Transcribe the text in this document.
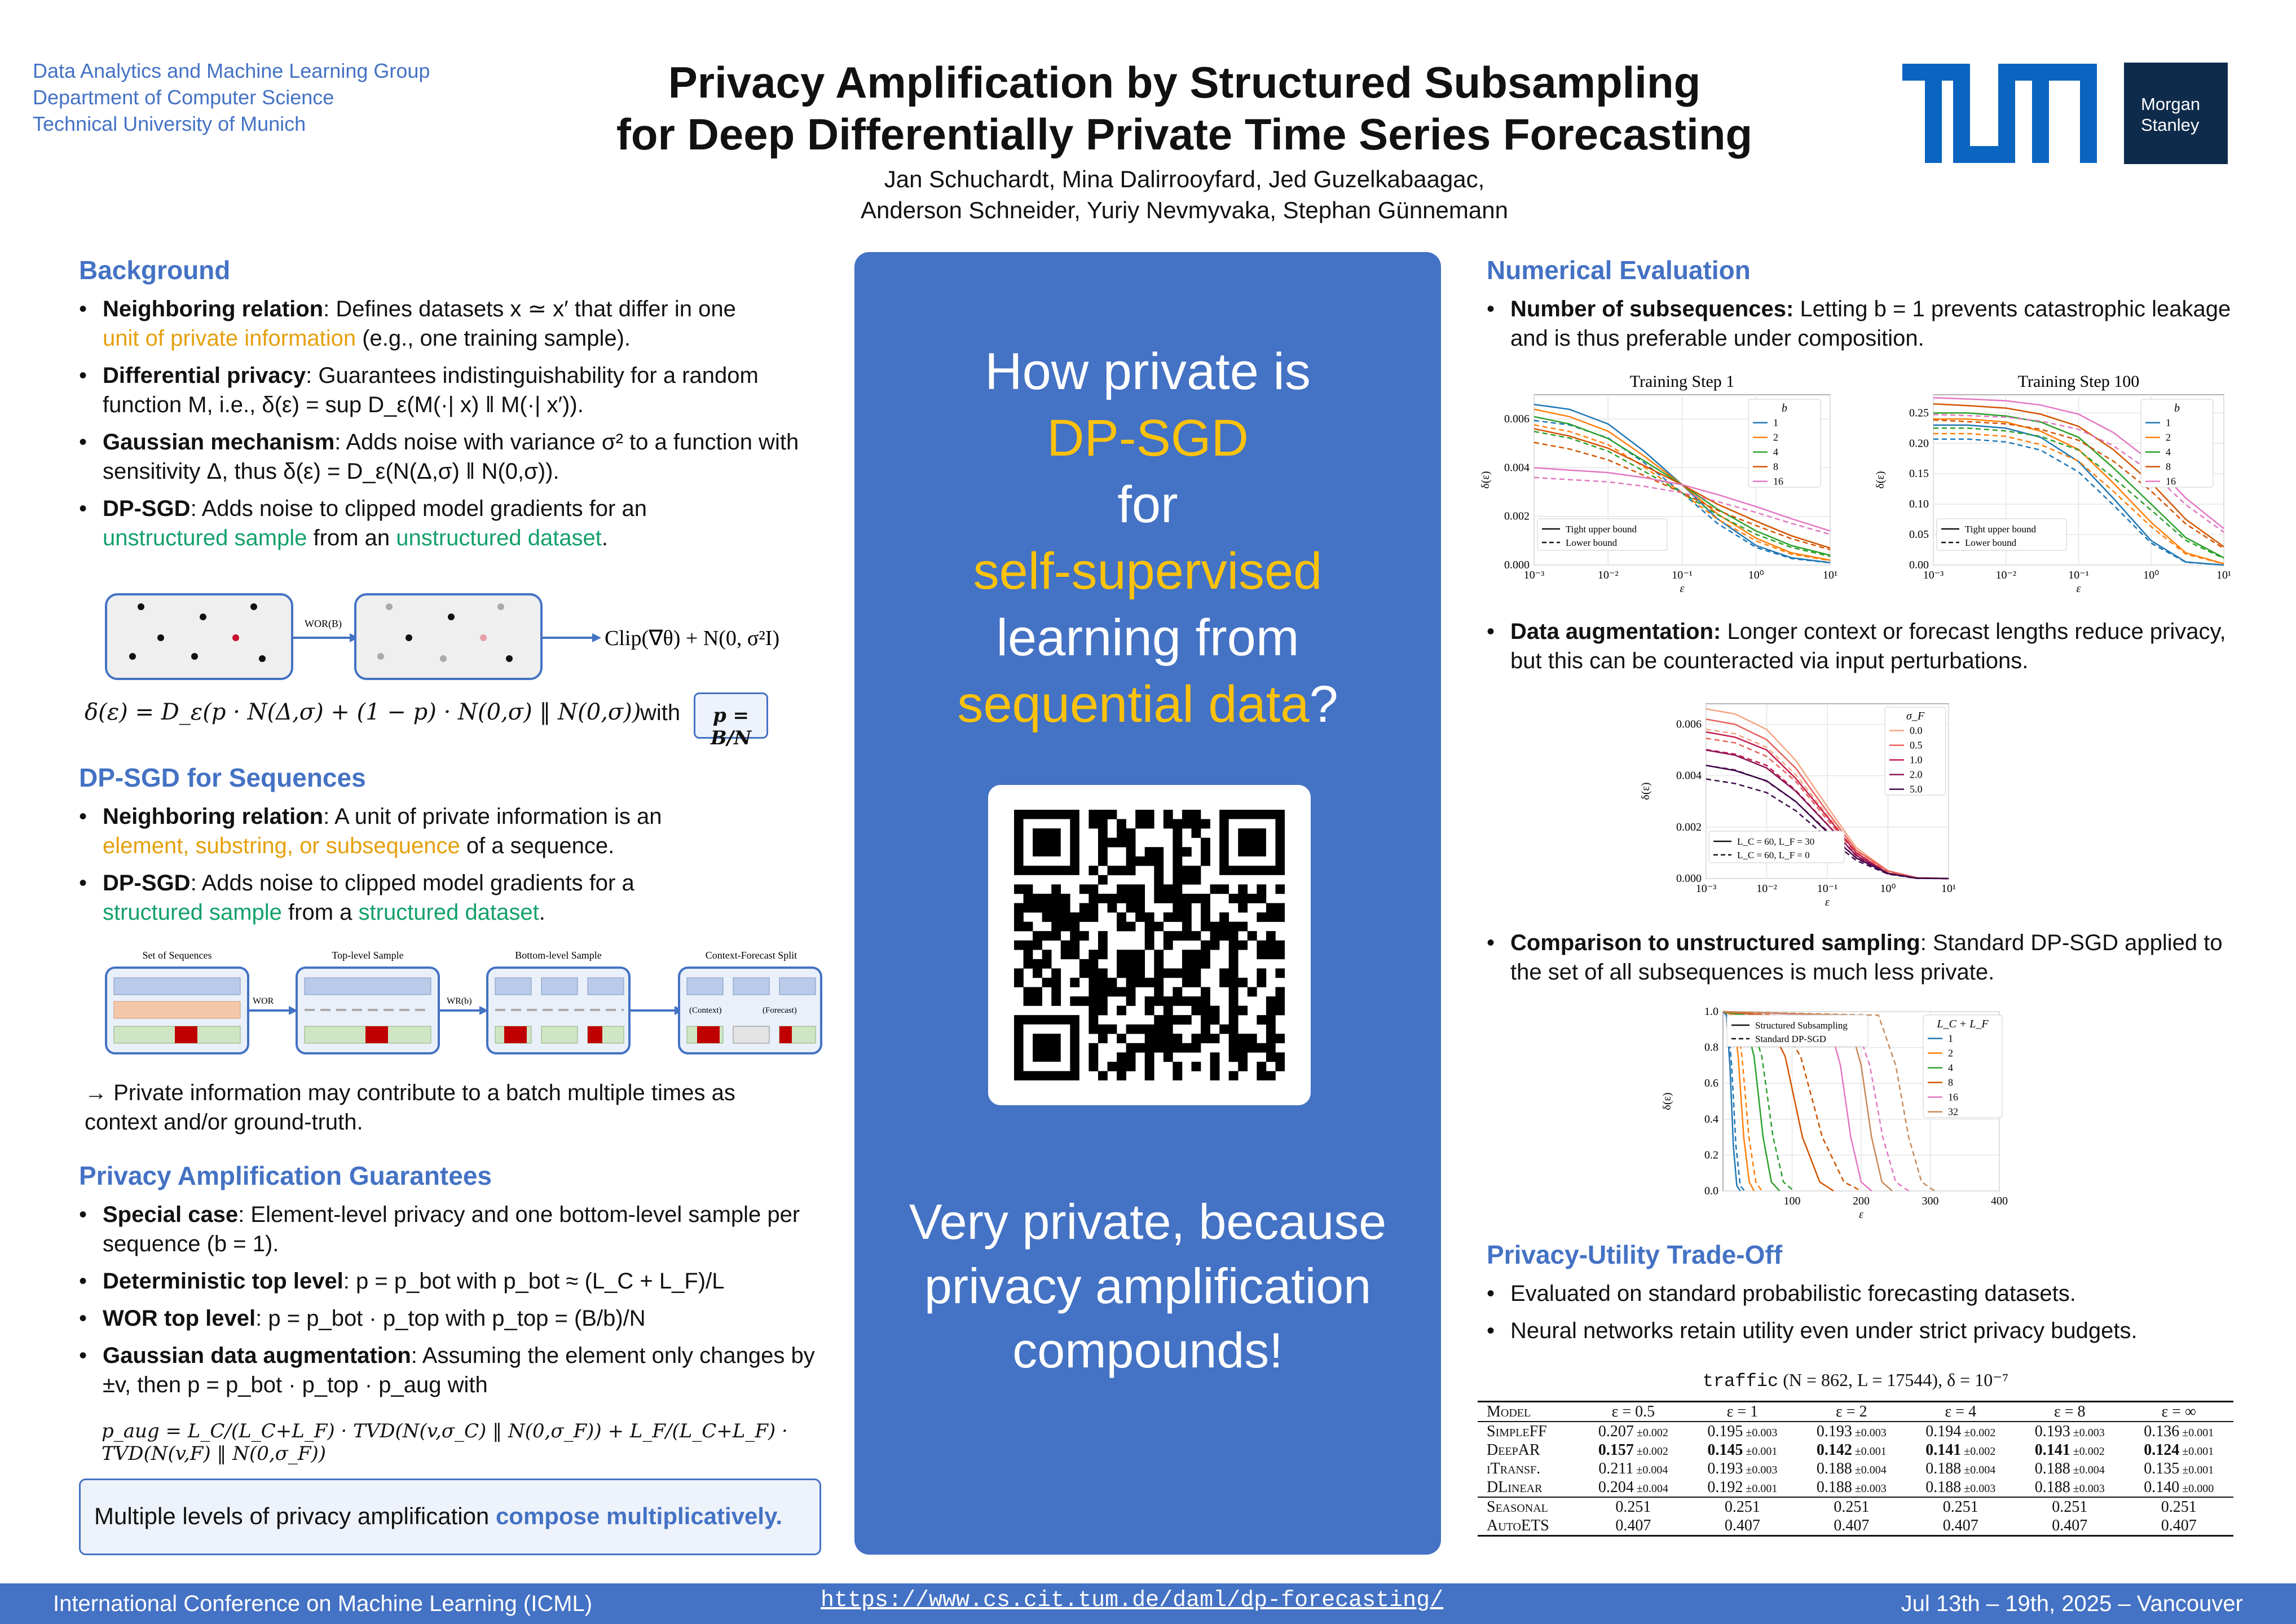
Data Analytics and Machine Learning Group
Department of Computer Science
Technical University of Munich
Privacy Amplification by Structured Subsampling
for Deep Differentially Private Time Series Forecasting
Jan Schuchardt, Mina Dalirrooyfard, Jed Guzelkabaagac,
Anderson Schneider, Yuriy Nevmyvaka, Stephan Günnemann
Morgan
Stanley
Background
• Neighboring relation: Defines datasets x ≃ x′ that differ in one
unit of private information (e.g., one training sample).
• Differential privacy: Guarantees indistinguishability for a random function M, i.e., δ(ε) = sup D_ε(M(·| x) ‖ M(·| x′)).
• Gaussian mechanism: Adds noise with variance σ² to a function with sensitivity Δ, thus δ(ε) = D_ε(N(Δ,σ) ‖ N(0,σ)).
• DP-SGD: Adds noise to clipped model gradients for an
unstructured sample from an unstructured dataset.
WOR(B)
Clip(∇θ) + N(0, σ²I)
δ(ε) = D_ε(p · N(Δ,σ) + (1 − p) · N(0,σ) ‖ N(0,σ))
with	p = B/N
DP-SGD for Sequences
• Neighboring relation: A unit of private information is an
element, substring, or subsequence of a sequence.
• DP-SGD: Adds noise to clipped model gradients for a
structured sample from a structured dataset.
Set of Sequences	Top-level Sample	Bottom-level Sample	Context-Forecast Split
WOR	WR(b)
(Context)	(Forecast)
→ Private information may contribute to a batch multiple times as context and/or ground-truth.
Privacy Amplification Guarantees
• Special case: Element-level privacy and one bottom-level sample per sequence (b = 1).
• Deterministic top level: p = p_bot with p_bot ≈ (L_C + L_F)/L
• WOR top level: p = p_bot · p_top with p_top = (B/b)/N
• Gaussian data augmentation: Assuming the element only changes by ±v, then p = p_bot · p_top · p_aug with
p_aug = L_C/(L_C+L_F) · TVD(N(v,σ_C) ‖ N(0,σ_F)) + L_F/(L_C+L_F) · TVD(N(v,F) ‖ N(0,σ_F))
Multiple levels of privacy amplification compose multiplicatively.
How private is
DP-SGD
for
self-supervised
learning from
sequential data?
Very private, because
privacy amplification
compounds!
Numerical Evaluation
• Number of subsequences: Letting b = 1 prevents catastrophic leakage and is thus preferable under composition.
Training Step 1
10⁻³	10⁻²	10⁻¹	10⁰	10¹
0.000
0.002
0.004
0.006
ε
δ(ε)
b
1
2
4
8
16
Tight upper bound
Lower bound
Training Step 100
10⁻³	10⁻²	10⁻¹	10⁰	10¹
0.00
0.05
0.10
0.15
0.20
0.25
ε
δ(ε)
b
1
2
4
8
16
Tight upper bound
Lower bound
• Data augmentation: Longer context or forecast lengths reduce privacy, but this can be counteracted via input perturbations.
10⁻³	10⁻²	10⁻¹	10⁰	10¹
0.000
0.002
0.004
0.006
ε
δ(ε)
σ_F
0.0
0.5
1.0
2.0
5.0
L_C = 60, L_F = 30
L_C = 60, L_F = 0
• Comparison to unstructured sampling: Standard DP-SGD applied to the set of all subsequences is much less private.
100	200	300	400
0.0
0.2
0.4
0.6
0.8
1.0
ε
δ(ε)
L_C + L_F
1
2
4
8
16
32
Structured Subsampling
Standard DP-SGD
Privacy-Utility Trade-Off
• Evaluated on standard probabilistic forecasting datasets.
• Neural networks retain utility even under strict privacy budgets.
traffic (N = 862, L = 17544), δ = 10⁻⁷
Model	ε = 0.5	ε = 1	ε = 2	ε = 4	ε = 8	ε = ∞
SimpleFF	0.207 ±0.002	0.195 ±0.003	0.193 ±0.003	0.194 ±0.002	0.193 ±0.003	0.136 ±0.001
DeepAR	0.157 ±0.002	0.145 ±0.001	0.142 ±0.001	0.141 ±0.002	0.141 ±0.002	0.124 ±0.001
iTransf.	0.211 ±0.004	0.193 ±0.003	0.188 ±0.004	0.188 ±0.004	0.188 ±0.004	0.135 ±0.001
DLinear	0.204 ±0.004	0.192 ±0.001	0.188 ±0.003	0.188 ±0.003	0.188 ±0.003	0.140 ±0.000
Seasonal	0.251	0.251	0.251	0.251	0.251	0.251
AutoETS	0.407	0.407	0.407	0.407	0.407	0.407
International Conference on Machine Learning (ICML)	https://www.cs.cit.tum.de/daml/dp-forecasting/	Jul 13th – 19th, 2025 – Vancouver
